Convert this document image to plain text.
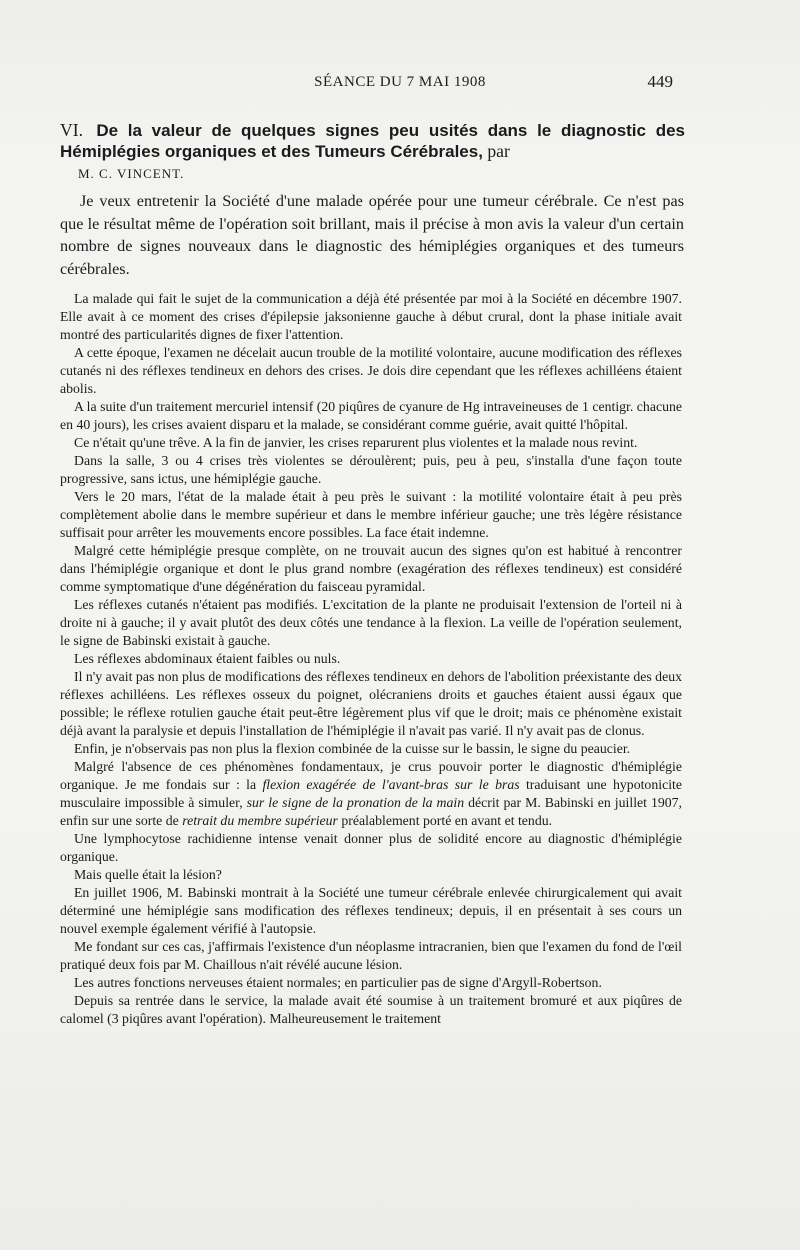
SÉANCE DU 7 MAI 1908	449
VI. De la valeur de quelques signes peu usités dans le diagnostic des Hémiplégies organiques et des Tumeurs Cérébrales, par
M. C. VINCENT.

Je veux entretenir la Société d'une malade opérée pour une tumeur cérébrale. Ce n'est pas que le résultat même de l'opération soit brillant, mais il précise à mon avis la valeur d'un certain nombre de signes nouveaux dans le diagnostic des hémiplégies organiques et des tumeurs cérébrales.

La malade qui fait le sujet de la communication a déjà été présentée par moi à la Société en décembre 1907. Elle avait à ce moment des crises d'épilepsie jaksonienne gauche à début crural, dont la phase initiale avait montré des particularités dignes de fixer l'attention.

A cette époque, l'examen ne décelait aucun trouble de la motilité volontaire, aucune modification des réflexes cutanés ni des réflexes tendineux en dehors des crises. Je dois dire cependant que les réflexes achilléens étaient abolis.

A la suite d'un traitement mercuriel intensif (20 piqûres de cyanure de Hg intraveineuses de 1 centigr. chacune en 40 jours), les crises avaient disparu et la malade, se considérant comme guérie, avait quitté l'hôpital.

Ce n'était qu'une trêve. A la fin de janvier, les crises reparurent plus violentes et la malade nous revint.

Dans la salle, 3 ou 4 crises très violentes se déroulèrent; puis, peu à peu, s'installa d'une façon toute progressive, sans ictus, une hémiplégie gauche.

Vers le 20 mars, l'état de la malade était à peu près le suivant : la motilité volontaire était à peu près complètement abolie dans le membre supérieur et dans le membre inférieur gauche; une très légère résistance suffisait pour arrêter les mouvements encore possibles. La face était indemne.

Malgré cette hémiplégie presque complète, on ne trouvait aucun des signes qu'on est habitué à rencontrer dans l'hémiplégie organique et dont le plus grand nombre (exagération des réflexes tendineux) est considéré comme symptomatique d'une dégénération du faisceau pyramidal.

Les réflexes cutanés n'étaient pas modifiés. L'excitation de la plante ne produisait l'extension de l'orteil ni à droite ni à gauche; il y avait plutôt des deux côtés une tendance à la flexion. La veille de l'opération seulement, le signe de Babinski existait à gauche.

Les réflexes abdominaux étaient faibles ou nuls.

Il n'y avait pas non plus de modifications des réflexes tendineux en dehors de l'abolition préexistante des deux réflexes achilléens. Les réflexes osseux du poignet, olécraniens droits et gauches étaient aussi égaux que possible; le réflexe rotulien gauche était peut-être légèrement plus vif que le droit; mais ce phénomène existait déjà avant la paralysie et depuis l'installation de l'hémiplégie il n'avait pas varié. Il n'y avait pas de clonus.

Enfin, je n'observais pas non plus la flexion combinée de la cuisse sur le bassin, le signe du peaucier.

Malgré l'absence de ces phénomènes fondamentaux, je crus pouvoir porter le diagnostic d'hémiplégie organique. Je me fondais sur : la flexion exagérée de l'avant-bras sur le bras traduisant une hypotonicite musculaire impossible à simuler, sur le signe de la pronation de la main décrit par M. Babinski en juillet 1907, enfin sur une sorte de retrait du membre supérieur préalablement porté en avant et tendu.

Une lymphocytose rachidienne intense venait donner plus de solidité encore au diagnostic d'hémiplégie organique.

Mais quelle était la lésion?

En juillet 1906, M. Babinski montrait à la Société une tumeur cérébrale enlevée chirurgicalement qui avait déterminé une hémiplégie sans modification des réflexes tendineux; depuis, il en présentait à ses cours un nouvel exemple également vérifié à l'autopsie.

Me fondant sur ces cas, j'affirmais l'existence d'un néoplasme intracranien, bien que l'examen du fond de l'œil pratiqué deux fois par M. Chaillous n'ait révélé aucune lésion.

Les autres fonctions nerveuses étaient normales; en particulier pas de signe d'Argyll-Robertson.

Depuis sa rentrée dans le service, la malade avait été soumise à un traitement bromuré et aux piqûres de calomel (3 piqûres avant l'opération). Malheureusement le traitement
